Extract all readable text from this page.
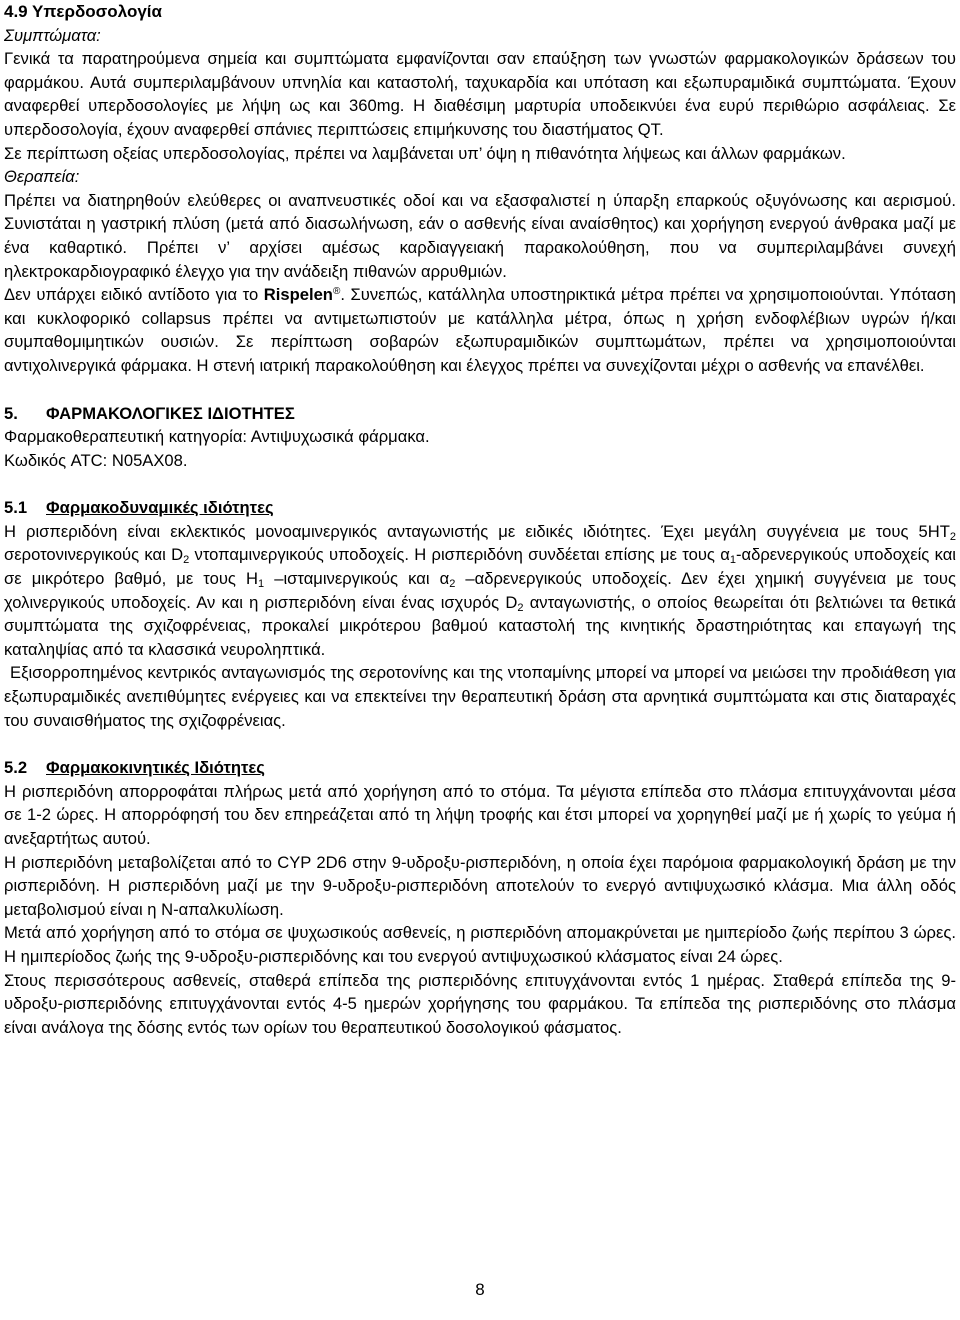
4.9 Υπερδοσολογία

Συμπτώματα:

Γενικά τα παρατηρούμενα σημεία και συμπτώματα εμφανίζονται σαν επαύξηση των γνωστών φαρμακολογικών δράσεων του φαρμάκου. Αυτά συμπεριλαμβάνουν υπνηλία και καταστολή, ταχυκαρδία και υπόταση και εξωπυραμιδικά συμπτώματα. Έχουν αναφερθεί υπερδοσολογίες με λήψη ως και 360mg. Η διαθέσιμη μαρτυρία υποδεικνύει ένα ευρύ περιθώριο ασφάλειας. Σε υπερδοσολογία, έχουν αναφερθεί σπάνιες περιπτώσεις επιμήκυνσης του διαστήματος QT.

Σε περίπτωση οξείας υπερδοσολογίας, πρέπει να λαμβάνεται υπ’ όψη η πιθανότητα λήψεως και άλλων φαρμάκων.

Θεραπεία:

Πρέπει να διατηρηθούν ελεύθερες οι αναπνευστικές οδοί και να εξασφαλιστεί η ύπαρξη επαρκούς οξυγόνωσης και αερισμού. Συνιστάται η γαστρική πλύση (μετά από διασωλήνωση, εάν ο ασθενής είναι αναίσθητος) και χορήγηση ενεργού άνθρακα μαζί με ένα καθαρτικό. Πρέπει ν’ αρχίσει αμέσως καρδιαγγειακή παρακολούθηση, που να συμπεριλαμβάνει συνεχή ηλεκτροκαρδιογραφικό έλεγχο για την ανάδειξη πιθανών αρρυθμιών.

Δεν υπάρχει ειδικό αντίδοτο για το Rispelen®. Συνεπώς, κατάλληλα υποστηρικτικά μέτρα πρέπει να χρησιμοποιούνται. Υπόταση και κυκλοφορικό collapsus πρέπει να αντιμετωπιστούν με κατάλληλα μέτρα, όπως η χρήση ενδοφλέβιων υγρών ή/και συμπαθομιμητικών ουσιών. Σε περίπτωση σοβαρών εξωπυραμιδικών συμπτωμάτων, πρέπει να χρησιμοποιούνται αντιχολινεργικά φάρμακα. Η στενή ιατρική παρακολούθηση και έλεγχος πρέπει να συνεχίζονται μέχρι ο ασθενής να επανέλθει.

5. ΦΑΡΜΑΚΟΛΟΓΙΚΕΣ ΙΔΙΟΤΗΤΕΣ

Φαρμακοθεραπευτική κατηγορία: Αντιψυχωσικά φάρμακα.

Κωδικός ATC: N05AX08.

5.1 Φαρμακοδυναμικές ιδιότητες

Η ρισπεριδόνη είναι εκλεκτικός μονοαμινεργικός ανταγωνιστής με ειδικές ιδιότητες. Έχει μεγάλη συγγένεια με τους $5HT_2$ σεροτονινεργικούς και $D_2$ ντοπαμινεργικούς υποδοχείς. Η ρισπεριδόνη συνδέεται επίσης με τους $\alpha_1$-αδρενεργικούς υποδοχείς και σε μικρότερο βαθμό, με τους $H_1$ –ισταμινεργικούς και $\alpha_2$ –αδρενεργικούς υποδοχείς. Δεν έχει χημική συγγένεια με τους χολινεργικούς υποδοχείς. Αν και η ρισπεριδόνη είναι ένας ισχυρός $D_2$ ανταγωνιστής, ο οποίος θεωρείται ότι βελτιώνει τα θετικά συμπτώματα της σχιζοφρένειας, προκαλεί μικρότερου βαθμού καταστολή της κινητικής δραστηριότητας και επαγωγή της καταληψίας από τα κλασσικά νευροληπτικά.

Εξισορροπημένος κεντρικός ανταγωνισμός της σεροτονίνης και της ντοπαμίνης μπορεί να μπορεί να μειώσει την προδιάθεση για εξωπυραμιδικές ανεπιθύμητες ενέργειες και να επεκτείνει την θεραπευτική δράση στα αρνητικά συμπτώματα και στις διαταραχές του συναισθήματος της σχιζοφρένειας.

5.2 Φαρμακοκινητικές Ιδιότητες

Η ρισπεριδόνη απορροφάται πλήρως μετά από χορήγηση από το στόμα. Τα μέγιστα επίπεδα στο πλάσμα επιτυγχάνονται μέσα σε 1-2 ώρες. Η απορρόφησή του δεν επηρεάζεται από τη λήψη τροφής και έτσι μπορεί να χορηγηθεί μαζί με ή χωρίς το γεύμα ή ανεξαρτήτως αυτού.

Η ρισπεριδόνη μεταβολίζεται από το CYP 2D6 στην 9-υδροξυ-ρισπεριδόνη, η οποία έχει παρόμοια φαρμακολογική δράση με την ρισπεριδόνη. Η ρισπεριδόνη μαζί με την 9-υδροξυ-ρισπεριδόνη αποτελούν το ενεργό αντιψυχωσικό κλάσμα. Μια άλλη οδός μεταβολισμού είναι η Ν-απαλκυλίωση.

Μετά από χορήγηση από το στόμα σε ψυχωσικούς ασθενείς, η ρισπεριδόνη απομακρύνεται με ημιπερίοδο ζωής περίπου 3 ώρες. Η ημιπερίοδος ζωής της 9-υδροξυ-ρισπεριδόνης και του ενεργού αντιψυχωσικού κλάσματος είναι 24 ώρες.

Στους περισσότερους ασθενείς, σταθερά επίπεδα της ρισπεριδόνης επιτυγχάνονται εντός 1 ημέρας. Σταθερά επίπεδα της 9-υδροξυ-ρισπεριδόνης επιτυγχάνονται εντός 4-5 ημερών χορήγησης του φαρμάκου. Τα επίπεδα της ρισπεριδόνης στο πλάσμα είναι ανάλογα της δόσης εντός των ορίων του θεραπευτικού δοσολογικού φάσματος.

8
